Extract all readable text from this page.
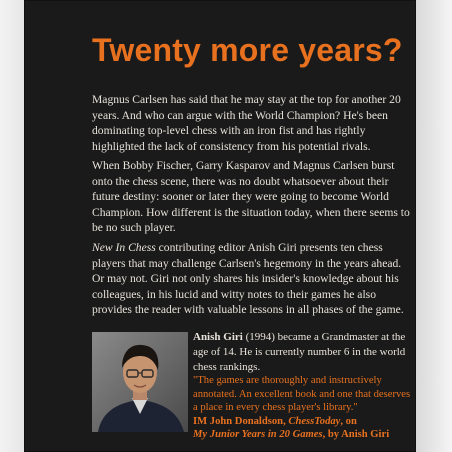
Twenty more years?
Magnus Carlsen has said that he may stay at the top for another 20 years. And who can argue with the World Champion? He's been dominating top-level chess with an iron fist and has rightly highlighted the lack of consistency from his potential rivals.
When Bobby Fischer, Garry Kasparov and Magnus Carlsen burst onto the chess scene, there was no doubt whatsoever about their future destiny: sooner or later they were going to become World Champion. How different is the situation today, when there seems to be no such player.
New In Chess contributing editor Anish Giri presents ten chess players that may challenge Carlsen's hegemony in the years ahead. Or may not. Giri not only shares his insider's knowledge about his colleagues, in his lucid and witty notes to their games he also provides the reader with valuable lessons in all phases of the game.
Anish Giri (1994) became a Grandmaster at the age of 14. He is currently number 6 in the world chess rankings.
"The games are thoroughly and instructively annotated. An excellent book and one that deserves a place in every chess player's library."
IM John Donaldson, ChessToday, on
My Junior Years in 20 Games, by Anish Giri
